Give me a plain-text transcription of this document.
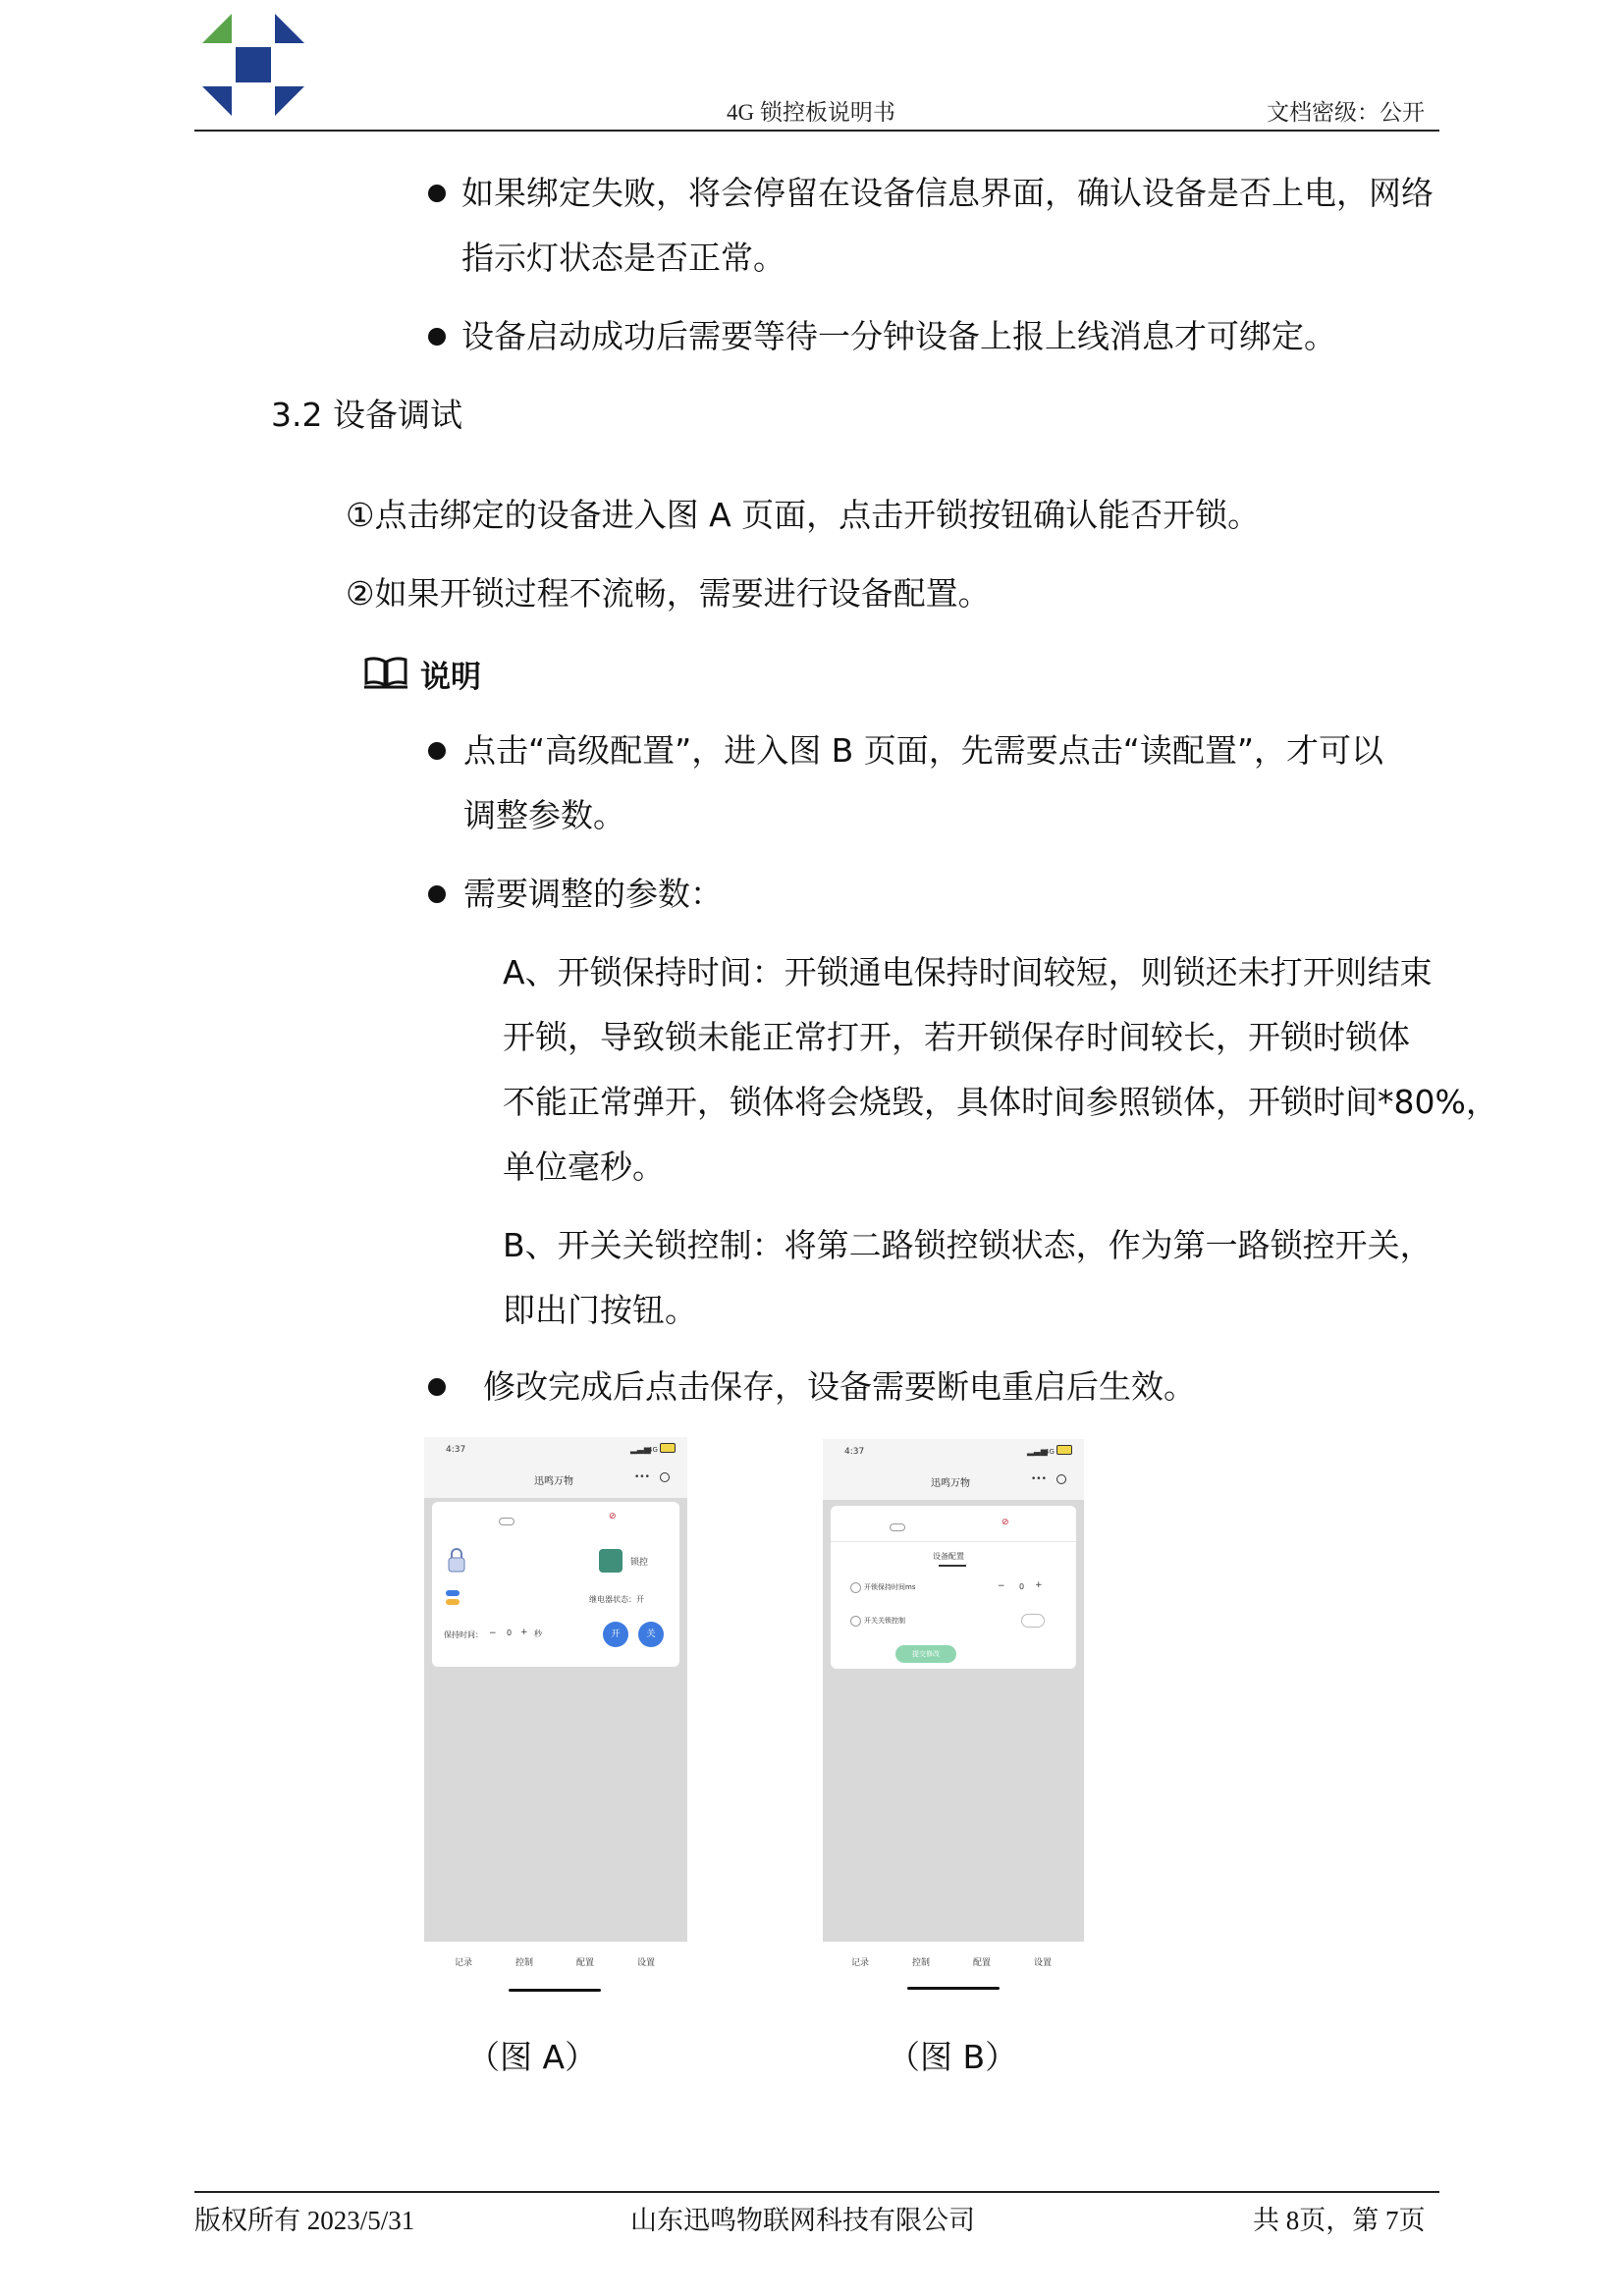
4G 锁控板说明书	文档密级：公开
如果绑定失败，将会停留在设备信息界面，确认设备是否上电，网络
指示灯状态是否正常。
设备启动成功后需要等待一分钟设备上报上线消息才可绑定。
3.2 设备调试
①点击绑定的设备进入图 A 页面，点击开锁按钮确认能否开锁。
②如果开锁过程不流畅，需要进行设备配置。
说明
点击“高级配置”，进入图 B 页面，先需要点击“读配置”，才可以
调整参数。
需要调整的参数：
A、开锁保持时间：开锁通电保持时间较短，则锁还未打开则结束
开锁，导致锁未能正常打开，若开锁保存时间较长，开锁时锁体
不能正常弹开，锁体将会烧毁，具体时间参照锁体，开锁时间*80%，
单位毫秒。
B、开关关锁控制：将第二路锁控锁状态，作为第一路锁控开关，
即出门按钮。
修改完成后点击保存，设备需要断电重启后生效。
4:37	▂▃▅
4G
迅鸣万物	•••
⊘
锁控
继电器状态：开
保持时间： − 0 + 秒	开	关
记录	控制	配置	设置
4:37	▂▃▅
4G
迅鸣万物	•••
⊘
设备配置
开锁保持时间ms	− 0 +
开关关锁控制
提交修改
记录	控制	配置	设置
（图 A）	（图 B）
版权所有 2023/5/31	山东迅鸣物联网科技有限公司	共 8页，第 7页
